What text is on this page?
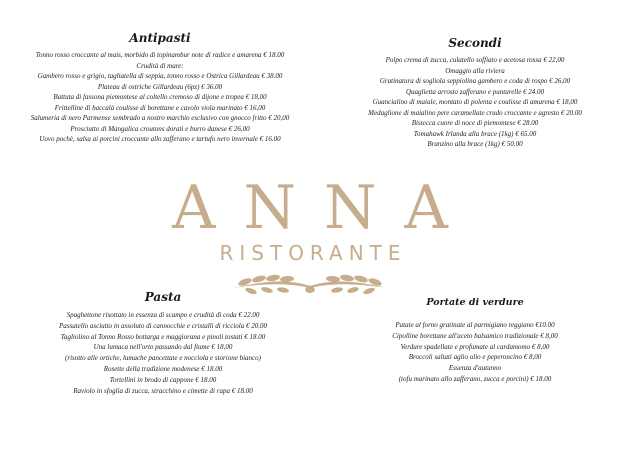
Antipasti
Tonno rosso croccante al mais, morbido di topinambur note di radice e amarena € 18.00
Crudità di mare:
Gambero rosso e grigio, tagliatella di seppia, tonno rosso e Ostrica Gillardeau € 38.00
Plateau di ostriche Gillardeau (6pz) € 36.00
Battuta di fassona piemontese al coltello cremoso di dijone e tropea € 18,00
Frittelline di baccalà coulisse di borettane e cavolo viola marinato € 16,00
Salumeria di nero Parmense sembrado a nostro marchio esclusivo con gnocco fritto € 20,00
Prosciutto di Mangalica croutons dorati e burro danese € 26,00
Uovo pochè, salsa ai porcini croccante allo zafferano e tartufo nero invernale € 16.00
Secondi
Polpo crema di zucca, culatello soffiato e acetosa rossa € 22,00
Omaggio alla riviera
Gratinatura di sogliola seppiolina gambero e coda di rospo € 26,00
Quaglietta arrosto zafferano e puntarelle € 24.00
Guancialino di maiale, montato di polenta e coulisse di amarena € 18,00
Medaglione di maialino pere caramellate crudo croccante e agresto € 20.00
Bistecca cuore di noce di piemontese € 28.00
Tomahawk Irlanda alla brace (1kg) € 65.00
Branzino alla brace (1kg) € 50.00
ANNA
RISTORANTE
Pasta
Spaghettone risottato in essenza di scampo e crudità di coda € 22.00
Passatello asciutto in assoluto di cannocchie e cristalli di ricciola € 20.00
Tagliolino al Tonno Rosso bottarga e maggiorana e pinoli tostati € 18.00
Una lumaca nell'orto passando dal fiume € 18,00
(risotto alle ortiche, lumache pancettate e nocciola e storione bianco)
Rosette della tradizione modenese € 18.00
Tortellini in brodo di cappone € 18.00
Raviolo in sfoglia di zucca, stracchino e cimette di rapa € 18.00
Portate di verdure
Patate al forno gratinate al parmigiano reggiano €10.00
Cipolline borettane all'aceto balsamico tradizionale € 8,00
Verdure spadellate e profumate al cardamomo € 8,00
Broccoli saltati aglio olio e peperoncino € 8,00
Essenza d'autunno
(tofu marinato allo zafferano, zucca e porcini) € 18.00
